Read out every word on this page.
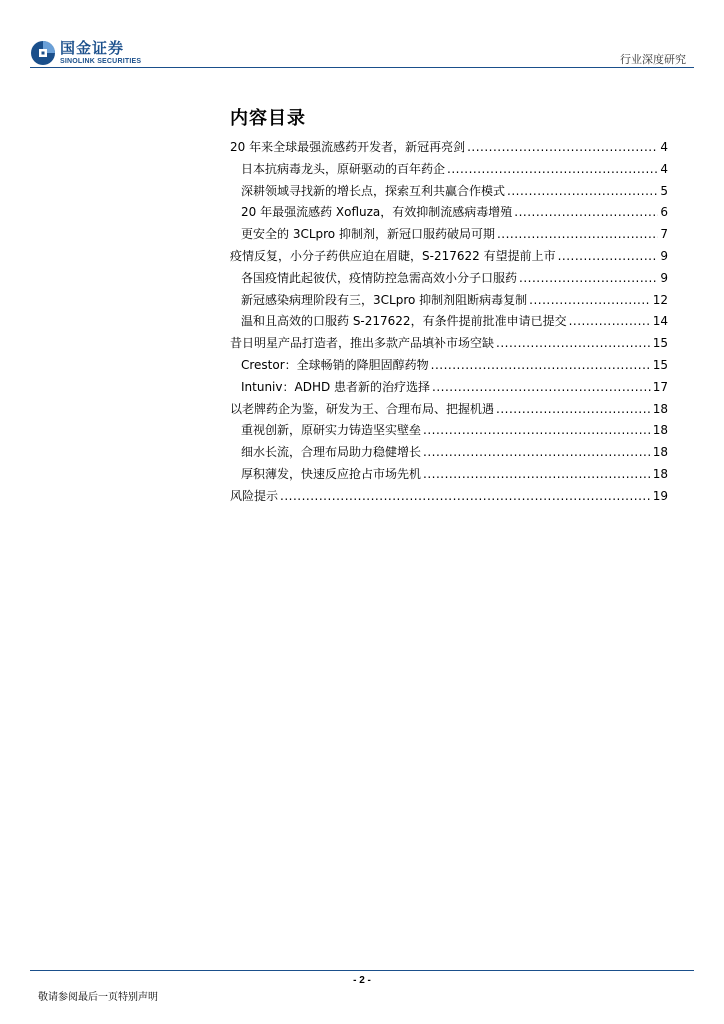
国金证券
SINOLINK SECURITIES	行业深度研究
内容目录
20 年来全球最强流感药开发者，新冠再亮剑 .....	4
日本抗病毒龙头，原研驱动的百年药企 .....	4
深耕领域寻找新的增长点，探索互利共赢合作模式 .....	5
20 年最强流感药 Xofluza，有效抑制流感病毒增殖 .....	6
更安全的 3CLpro 抑制剂，新冠口服药破局可期 .....	7
疫情反复，小分子药供应迫在眉睫，S-217622 有望提前上市 .....	9
各国疫情此起彼伏，疫情防控急需高效小分子口服药 .....	9
新冠感染病理阶段有三，3CLpro 抑制剂阻断病毒复制 .....	12
温和且高效的口服药 S-217622，有条件提前批准申请已提交 .....	14
昔日明星产品打造者，推出多款产品填补市场空缺 .....	15
Crestor：全球畅销的降胆固醇药物 .....	15
Intuniv：ADHD 患者新的治疗选择 .....	17
以老牌药企为鉴，研发为王、合理布局、把握机遇 .....	18
重视创新，原研实力铸造坚实壁垒 .....	18
细水长流，合理布局助力稳健增长 .....	18
厚积薄发，快速反应抢占市场先机 .....	18
风险提示 .....	19
- 2 -
敬请参阅最后一页特别声明
